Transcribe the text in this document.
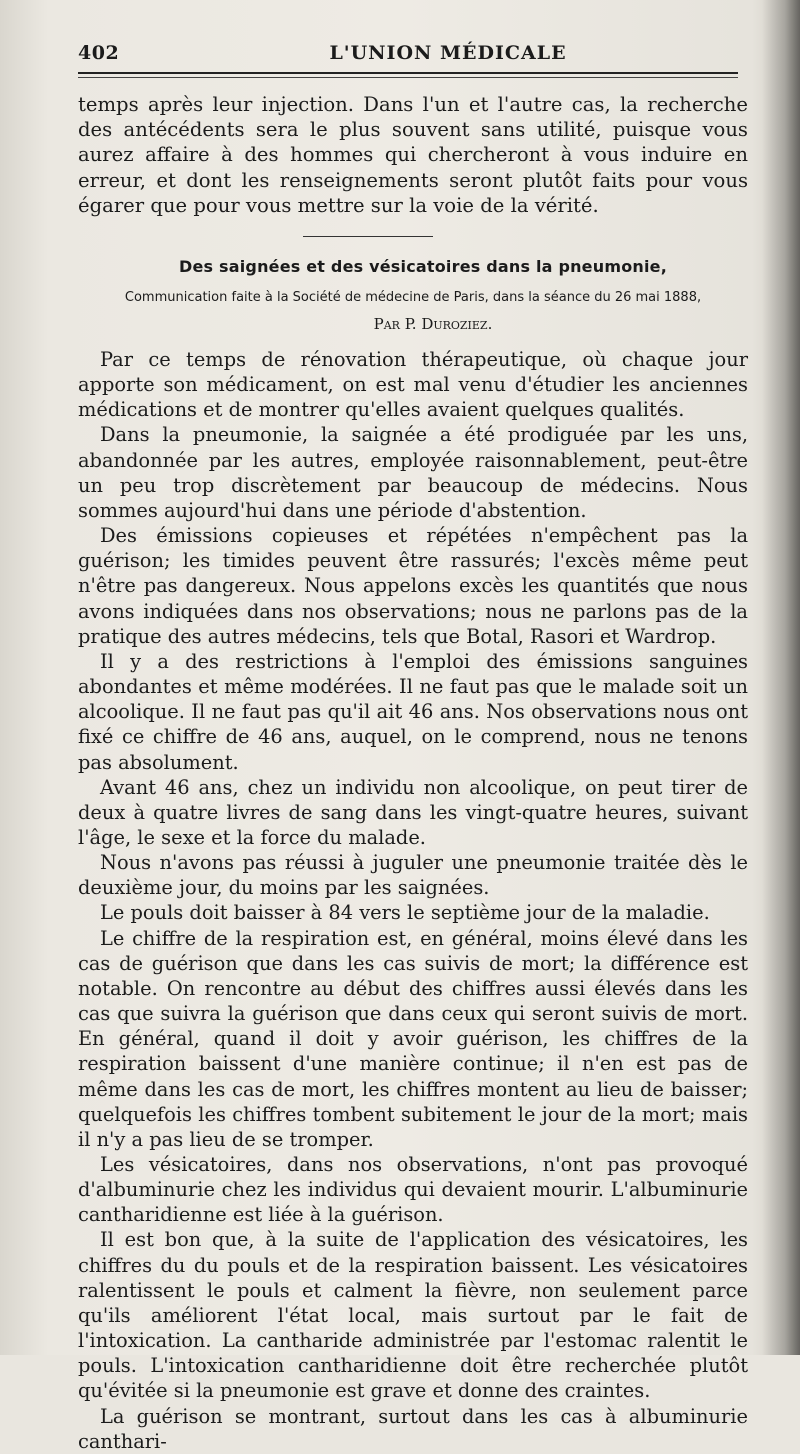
402	L'UNION MÉDICALE

temps après leur injection. Dans l'un et l'autre cas, la recherche des antécédents sera le plus souvent sans utilité, puisque vous aurez affaire à des hommes qui chercheront à vous induire en erreur, et dont les renseignements seront plutôt faits pour vous égarer que pour vous mettre sur la voie de la vérité.

Des saignées et des vésicatoires dans la pneumonie,

Communication faite à la Société de médecine de Paris, dans la séance du 26 mai 1888,

Par P. Duroziez.

Par ce temps de rénovation thérapeutique, où chaque jour apporte son médicament, on est mal venu d'étudier les anciennes médications et de montrer qu'elles avaient quelques qualités.

Dans la pneumonie, la saignée a été prodiguée par les uns, abandonnée par les autres, employée raisonnablement, peut-être un peu trop discrètement par beaucoup de médecins. Nous sommes aujourd'hui dans une période d'abstention.

Des émissions copieuses et répétées n'empêchent pas la guérison; les timides peuvent être rassurés; l'excès même peut n'être pas dangereux. Nous appelons excès les quantités que nous avons indiquées dans nos observations; nous ne parlons pas de la pratique des autres médecins, tels que Botal, Rasori et Wardrop.

Il y a des restrictions à l'emploi des émissions sanguines abondantes et même modérées. Il ne faut pas que le malade soit un alcoolique. Il ne faut pas qu'il ait 46 ans. Nos observations nous ont fixé ce chiffre de 46 ans, auquel, on le comprend, nous ne tenons pas absolument.

Avant 46 ans, chez un individu non alcoolique, on peut tirer de deux à quatre livres de sang dans les vingt-quatre heures, suivant l'âge, le sexe et la force du malade.

Nous n'avons pas réussi à juguler une pneumonie traitée dès le deuxième jour, du moins par les saignées.

Le pouls doit baisser à 84 vers le septième jour de la maladie.

Le chiffre de la respiration est, en général, moins élevé dans les cas de guérison que dans les cas suivis de mort; la différence est notable. On rencontre au début des chiffres aussi élevés dans les cas que suivra la guérison que dans ceux qui seront suivis de mort. En général, quand il doit y avoir guérison, les chiffres de la respiration baissent d'une manière continue; il n'en est pas de même dans les cas de mort, les chiffres montent au lieu de baisser; quelquefois les chiffres tombent subitement le jour de la mort; mais il n'y a pas lieu de se tromper.

Les vésicatoires, dans nos observations, n'ont pas provoqué d'albuminurie chez les individus qui devaient mourir. L'albuminurie cantharidienne est liée à la guérison.

Il est bon que, à la suite de l'application des vésicatoires, les chiffres du du pouls et de la respiration baissent. Les vésicatoires ralentissent le pouls et calment la fièvre, non seulement parce qu'ils améliorent l'état local, mais surtout par le fait de l'intoxication. La cantharide administrée par l'estomac ralentit le pouls. L'intoxication cantharidienne doit être recherchée plutôt qu'évitée si la pneumonie est grave et donne des craintes.

La guérison se montrant, surtout dans les cas à albuminurie canthari-
